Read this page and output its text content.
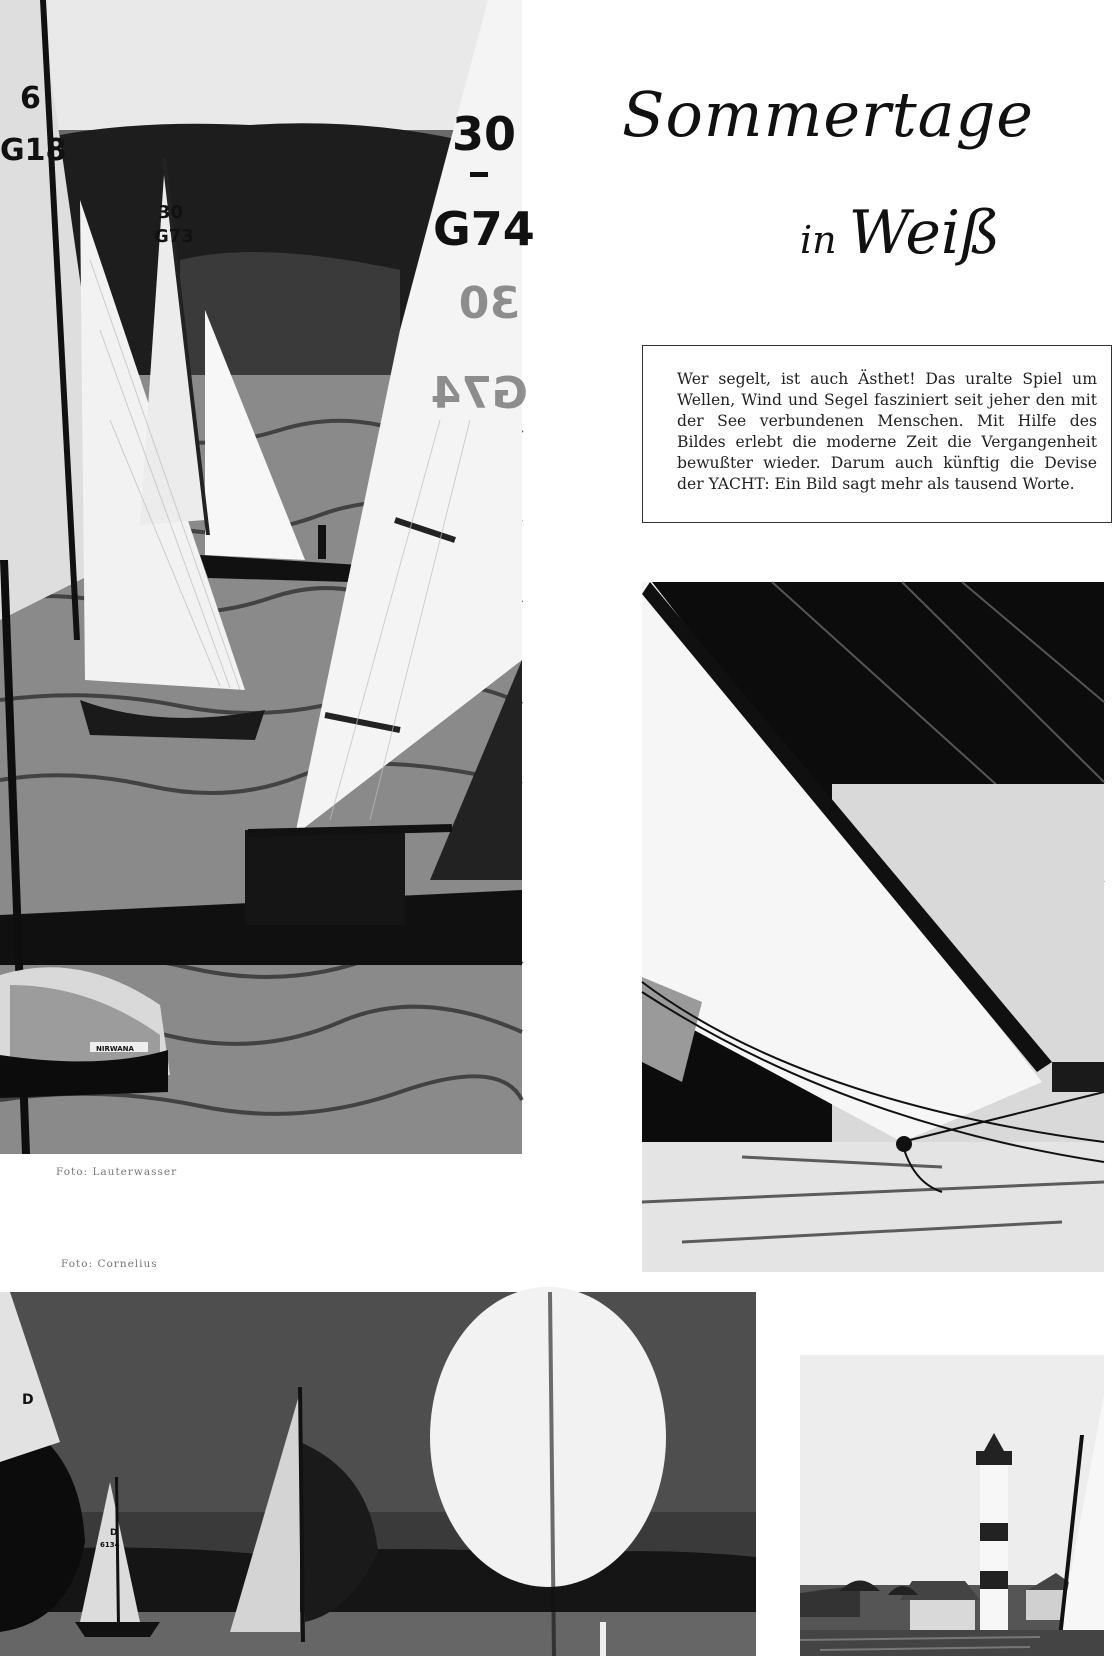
6
G18
30
G73
30
G74
30
G74
NIRWANA
Sommertage
in Weiß

Wer segelt, ist auch Ästhet! Das uralte Spiel um Wellen, Wind und Segel fasziniert seit jeher den mit der See verbundenen Menschen. Mit Hilfe des Bildes erlebt die moderne Zeit die Vergangenheit bewußter wieder. Darum auch künftig die Devise der YACHT: Ein Bild sagt mehr als tausend Worte.

Foto: Lauterwasser
Foto: Cornelius
D
D
6134
